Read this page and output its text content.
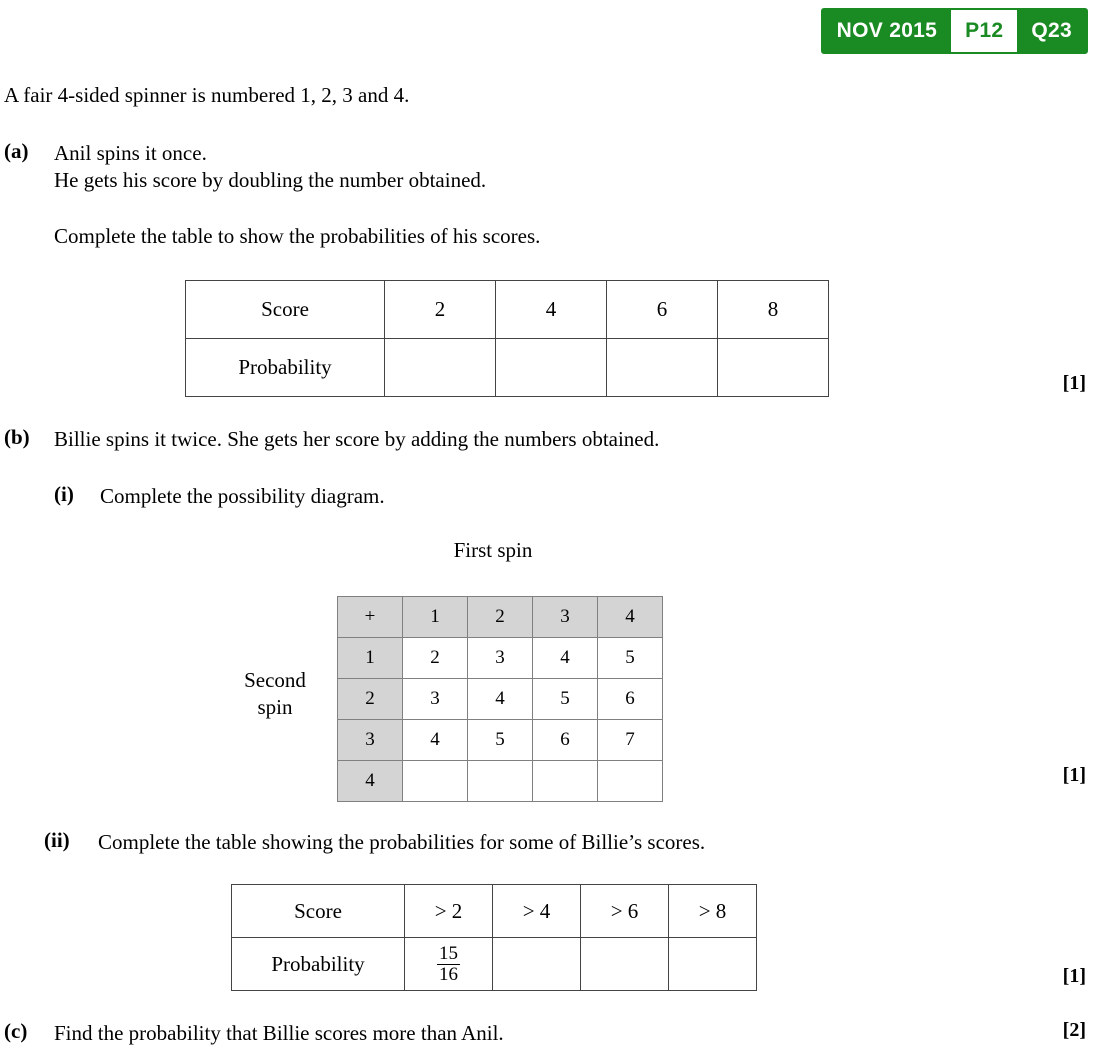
NOV 2015	P12	Q23
A fair 4-sided spinner is numbered 1, 2, 3 and 4.
(a) Anil spins it once.
He gets his score by doubling the number obtained.
Complete the table to show the probabilities of his scores.
Score	2	4	6	8
Probability				
[1]
(b) Billie spins it twice. She gets her score by adding the numbers obtained.
(i) Complete the possibility diagram.
First spin
Second
spin
+	1	2	3	4
1	2	3	4	5
2	3	4	5	6
3	4	5	6	7
4					[1]
(ii) Complete the table showing the probabilities for some of Billie’s scores.
Score	> 2	> 4	> 6	> 8
Probability	$\frac{15}{16}$
				[1]
(c) Find the probability that Billie scores more than Anil.	[2]
